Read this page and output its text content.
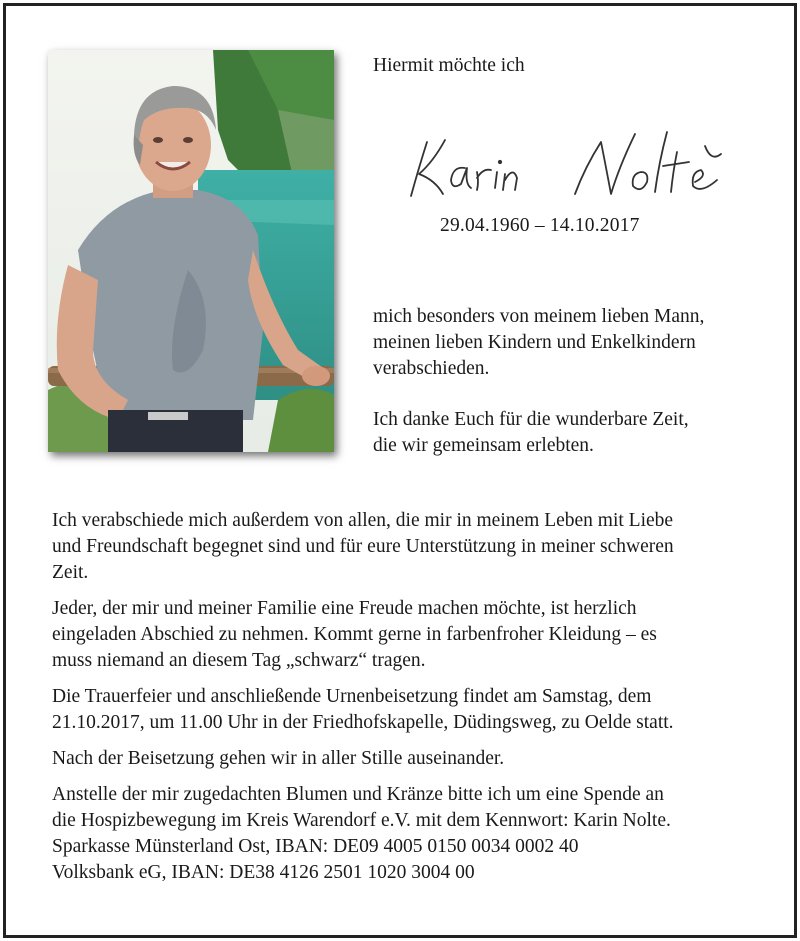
Hiermit möchte ich
29.04.1960 – 14.10.2017
mich besonders von meinem lieben Mann,
meinen lieben Kindern und Enkelkindern
verabschieden.
Ich danke Euch für die wunderbare Zeit,
die wir gemeinsam erlebten.

Ich verabschiede mich außerdem von allen, die mir in meinem Leben mit Liebe
und Freundschaft begegnet sind und für eure Unterstützung in meiner schweren
Zeit.

Jeder, der mir und meiner Familie eine Freude machen möchte, ist herzlich
eingeladen Abschied zu nehmen. Kommt gerne in farbenfroher Kleidung – es
muss niemand an diesem Tag „schwarz“ tragen.

Die Trauerfeier und anschließende Urnenbeisetzung findet am Samstag, dem
21.10.2017, um 11.00 Uhr in der Friedhofskapelle, Düdingsweg, zu Oelde statt.

Nach der Beisetzung gehen wir in aller Stille auseinander.

Anstelle der mir zugedachten Blumen und Kränze bitte ich um eine Spende an
die Hospizbewegung im Kreis Warendorf e.V. mit dem Kennwort: Karin Nolte.
Sparkasse Münsterland Ost, IBAN: DE09 4005 0150 0034 0002 40
Volksbank eG, IBAN: DE38 4126 2501 1020 3004 00
